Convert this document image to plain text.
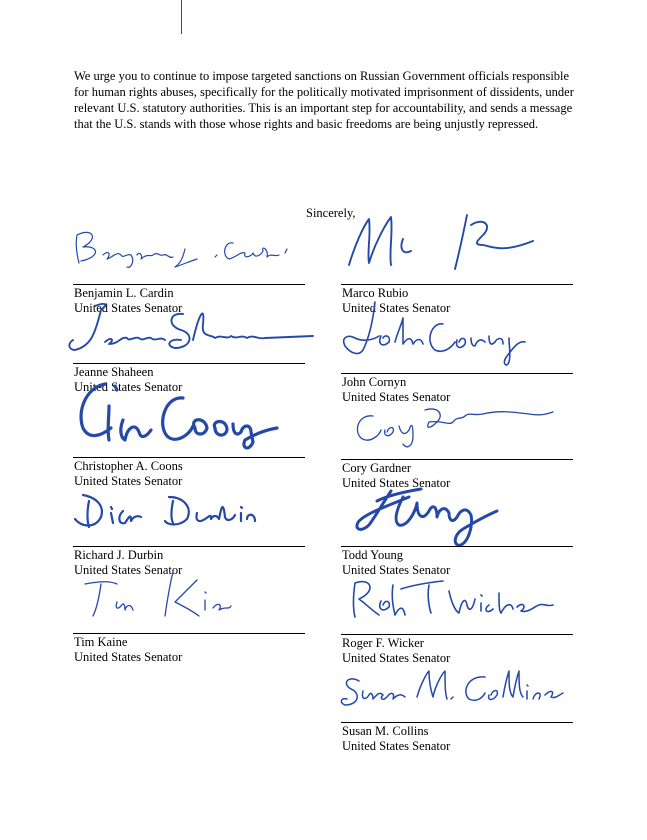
We urge you to continue to impose targeted sanctions on Russian Government officials responsible for human rights abuses, specifically for the politically motivated imprisonment of dissidents, under relevant U.S. statutory authorities. This is an important step for accountability, and sends a message that the U.S. stands with those whose rights and basic freedoms are being unjustly repressed.

Sincerely,
Benjamin L. Cardin
United States Senator
Jeanne Shaheen
United States Senator
Christopher A. Coons
United States Senator
Richard J. Durbin
United States Senator
Tim Kaine
United States Senator
Marco Rubio
United States Senator
John Cornyn
United States Senator
Cory Gardner
United States Senator
Todd Young
United States Senator
Roger F. Wicker
United States Senator
Susan M. Collins
United States Senator
